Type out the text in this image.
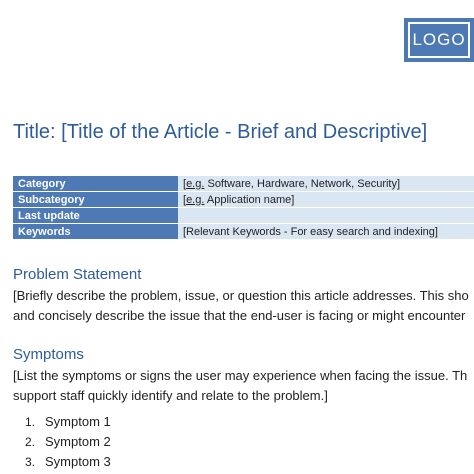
LOGO
Title: [Title of the Article - Brief and Descriptive]
Category	[e.g. Software, Hardware, Network, Security]
Subcategory	[e.g. Application name]
Last update	
Keywords	[Relevant Keywords - For easy search and indexing]
Problem Statement

[Briefly describe the problem, issue, or question this article addresses. This sho
and concisely describe the issue that the end-user is facing or might encounter

Symptoms

[List the symptoms or signs the user may experience when facing the issue. Th
support staff quickly identify and relate to the problem.]

1. Symptom 1
2. Symptom 2
3. Symptom 3
